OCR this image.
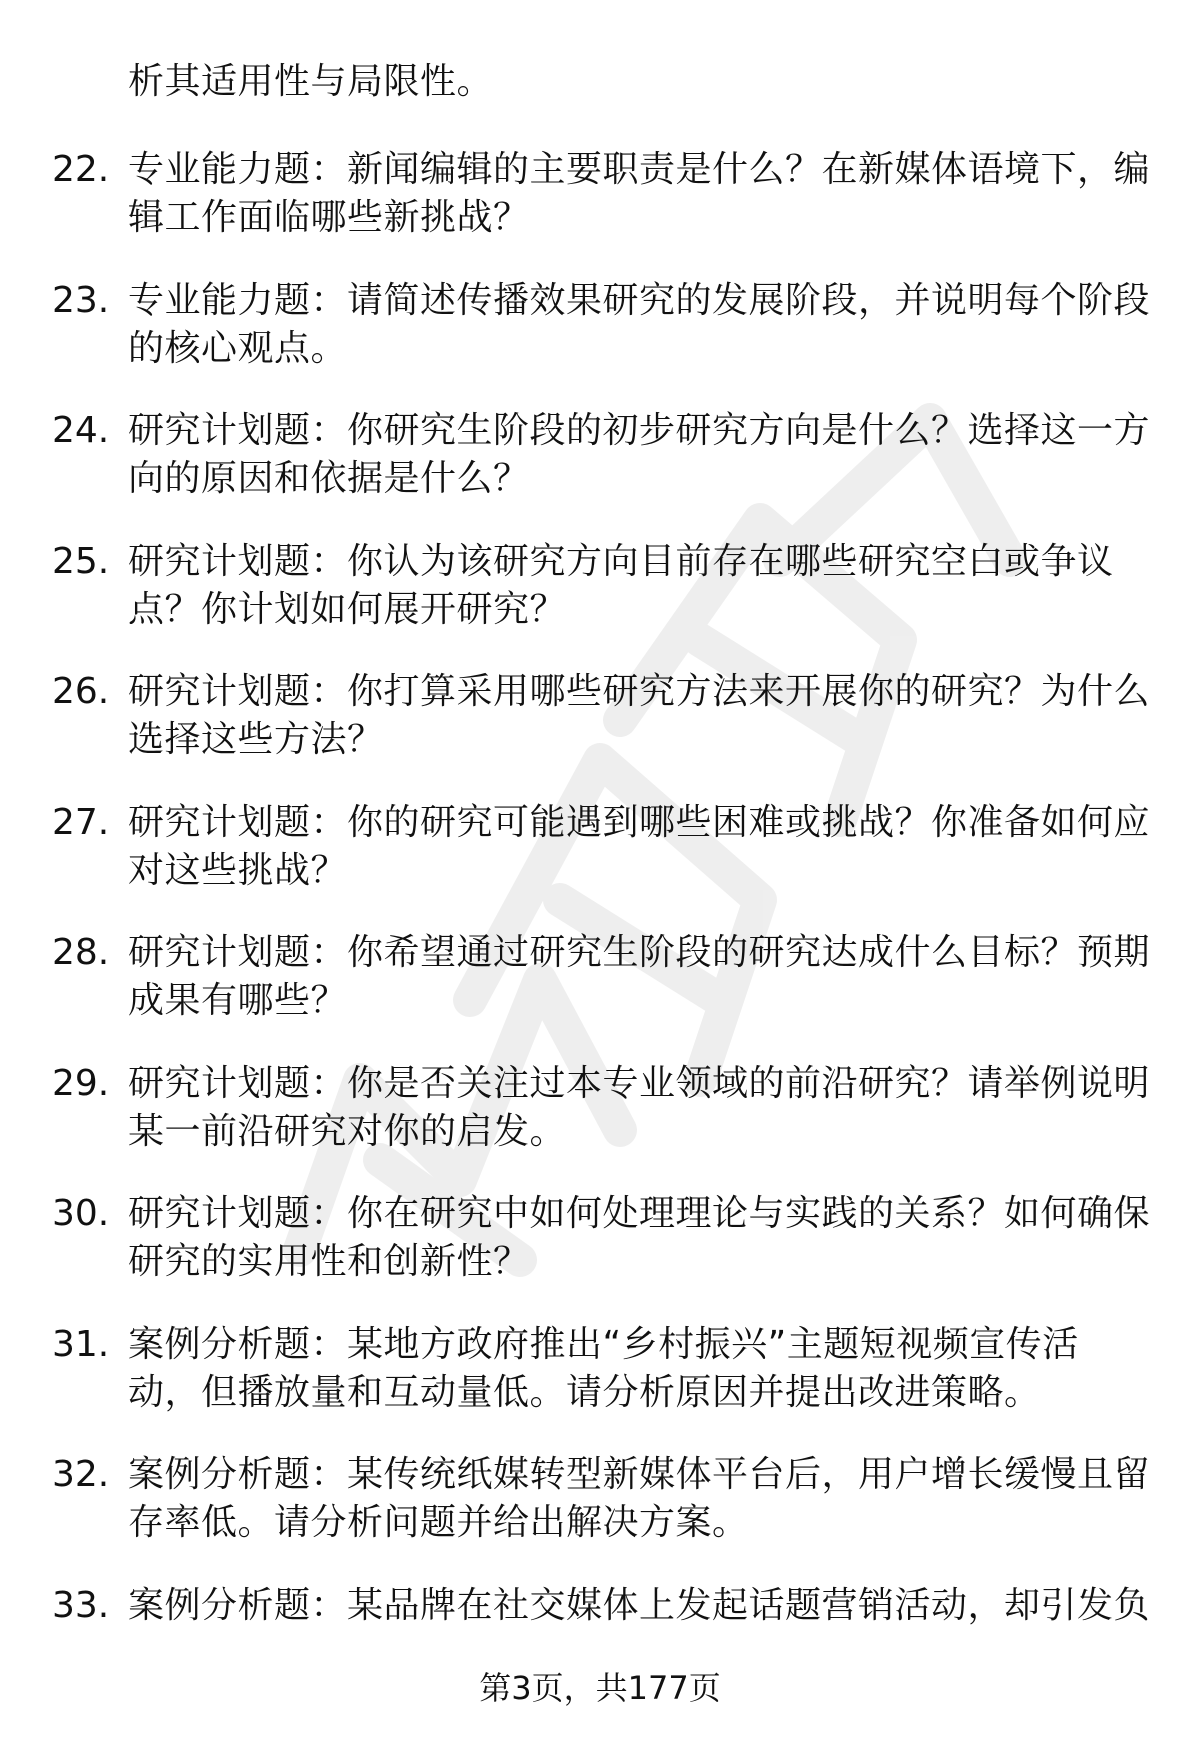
析其适用性与局限性。
22. 专业能力题：新闻编辑的主要职责是什么？在新媒体语境下，编
辑工作面临哪些新挑战？
23. 专业能力题：请简述传播效果研究的发展阶段，并说明每个阶段
的核心观点。
24. 研究计划题：你研究生阶段的初步研究方向是什么？选择这一方
向的原因和依据是什么？
25. 研究计划题：你认为该研究方向目前存在哪些研究空白或争议
点？你计划如何展开研究？
26. 研究计划题：你打算采用哪些研究方法来开展你的研究？为什么
选择这些方法？
27. 研究计划题：你的研究可能遇到哪些困难或挑战？你准备如何应
对这些挑战？
28. 研究计划题：你希望通过研究生阶段的研究达成什么目标？预期
成果有哪些？
29. 研究计划题：你是否关注过本专业领域的前沿研究？请举例说明
某一前沿研究对你的启发。
30. 研究计划题：你在研究中如何处理理论与实践的关系？如何确保
研究的实用性和创新性？
31. 案例分析题：某地方政府推出“乡村振兴”主题短视频宣传活
动，但播放量和互动量低。请分析原因并提出改进策略。
32. 案例分析题：某传统纸媒转型新媒体平台后，用户增长缓慢且留
存率低。请分析问题并给出解决方案。
33. 案例分析题：某品牌在社交媒体上发起话题营销活动，却引发负
第3页，共177页
